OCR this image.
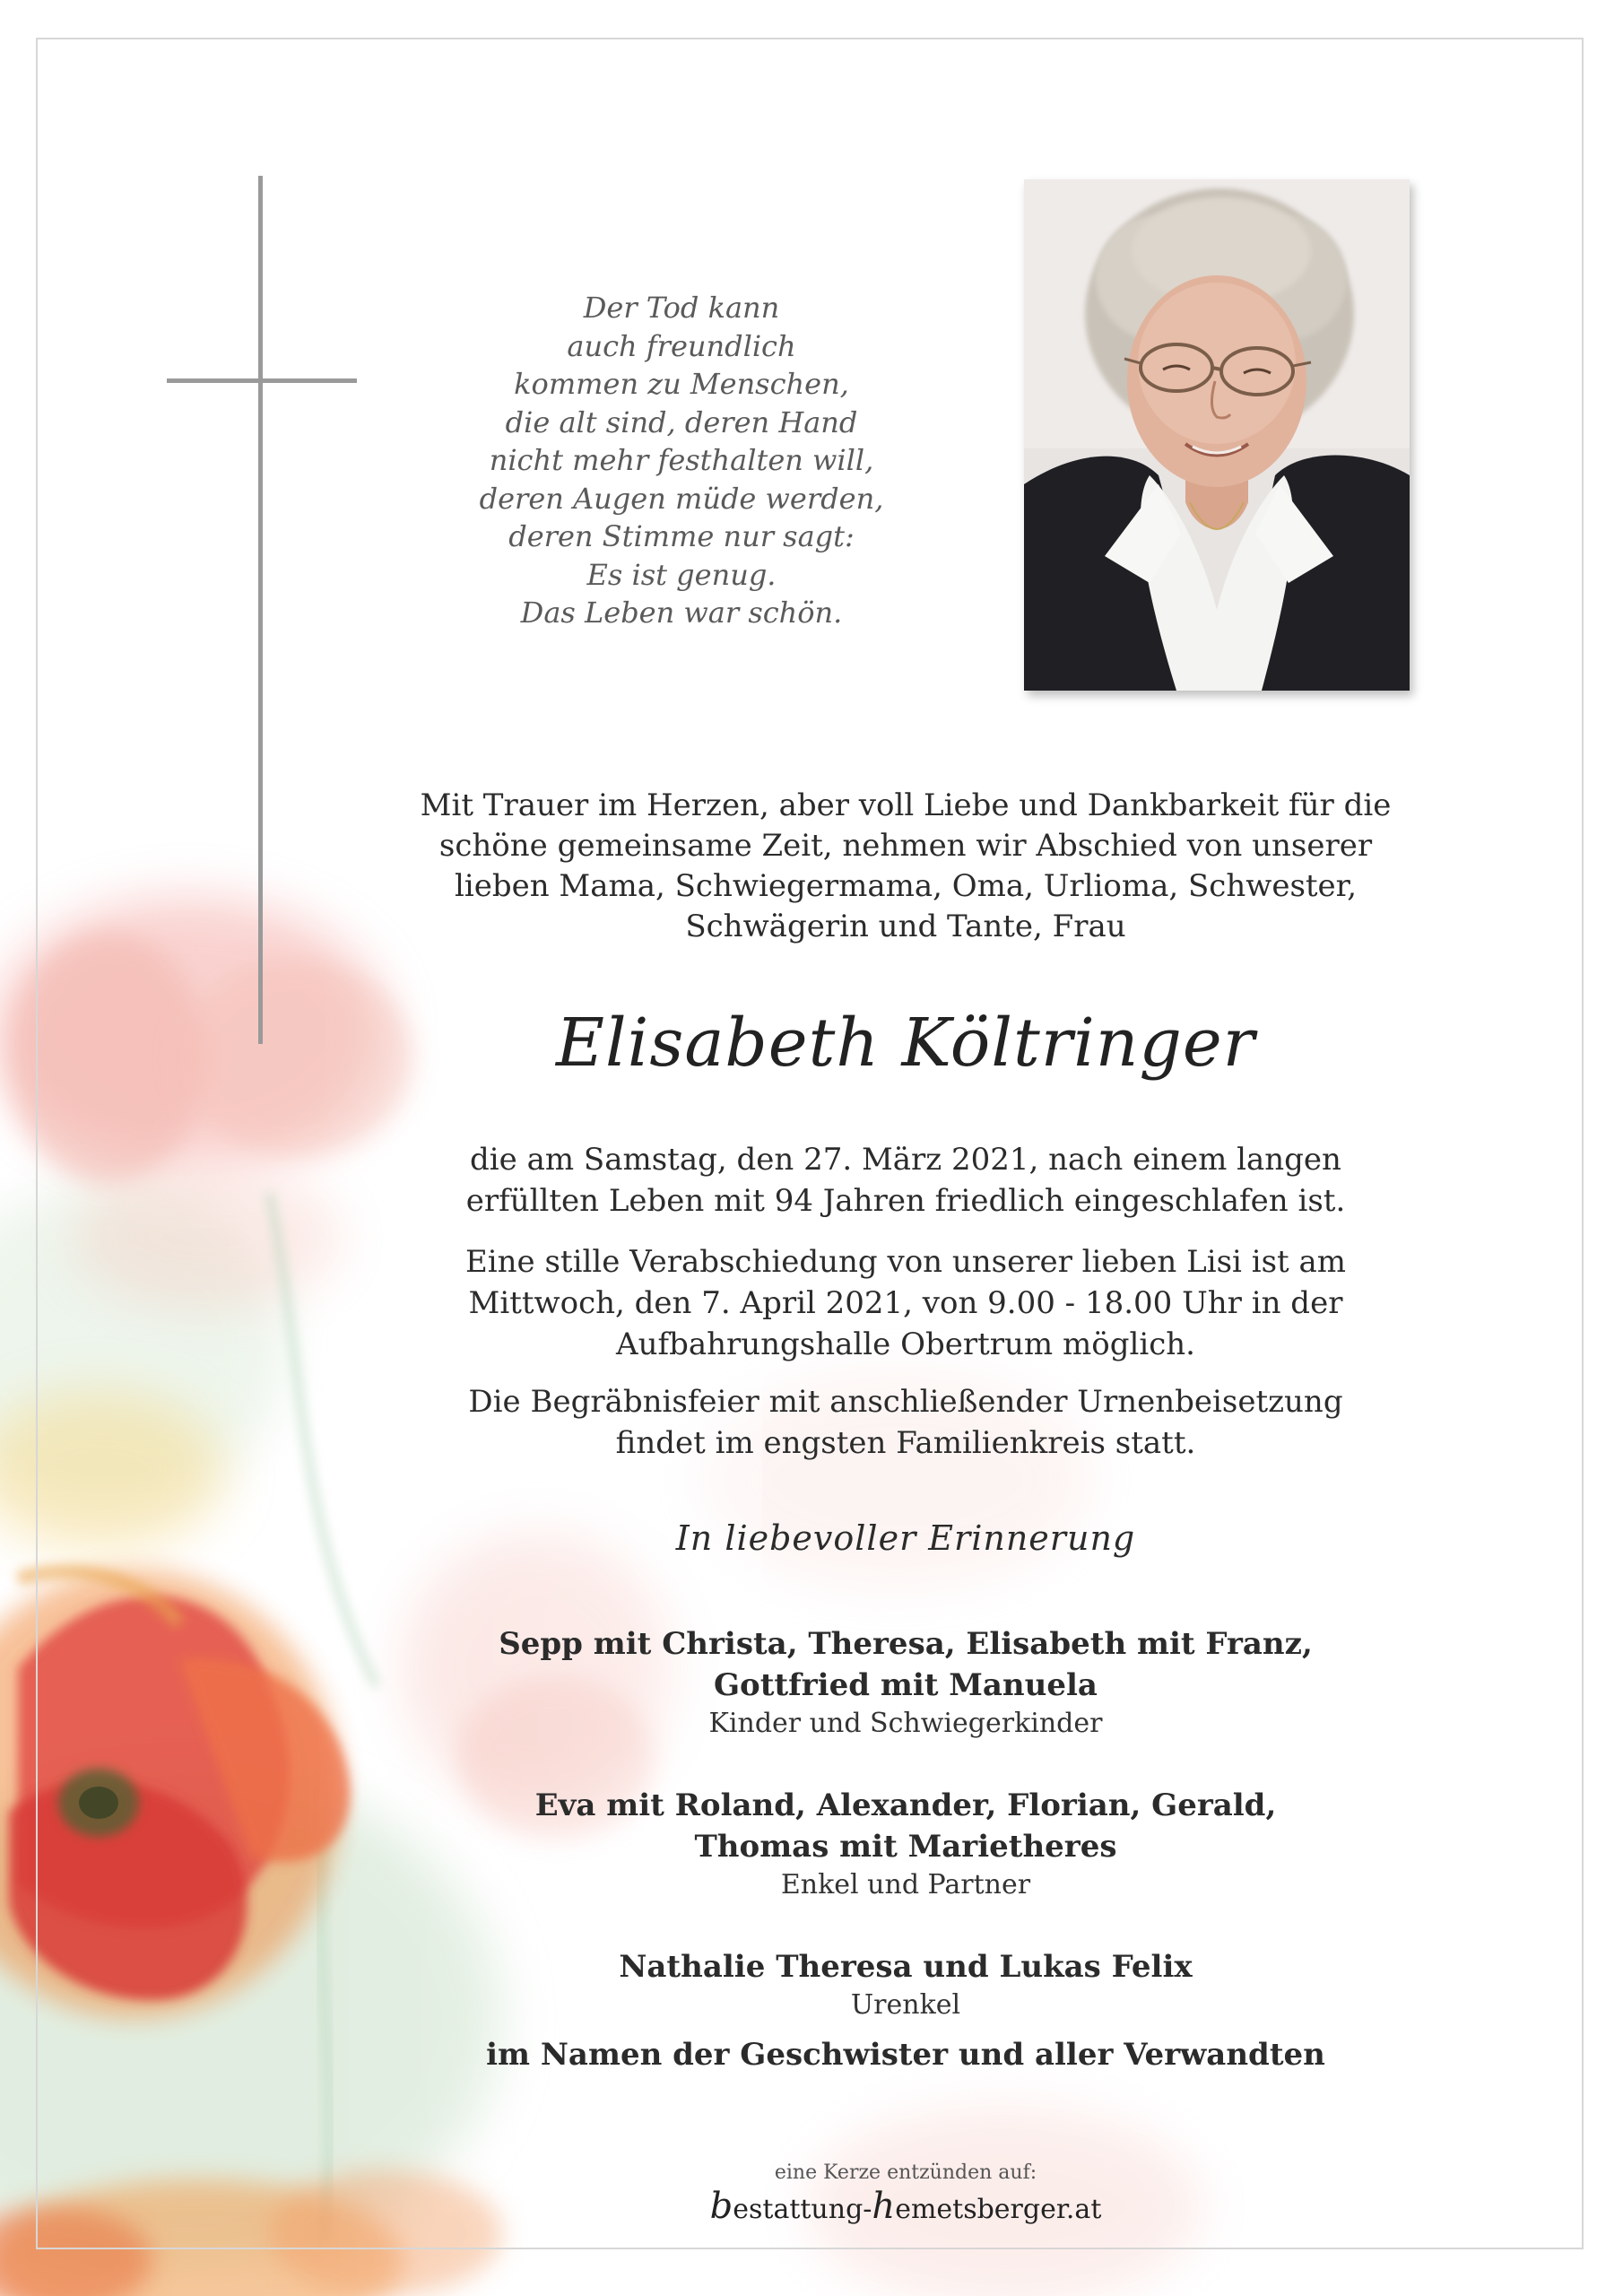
Der Tod kann
auch freundlich
kommen zu Menschen,
die alt sind, deren Hand
nicht mehr festhalten will,
deren Augen müde werden,
deren Stimme nur sagt:
Es ist genug.
Das Leben war schön.
Mit Trauer im Herzen, aber voll Liebe und Dankbarkeit für die
schöne gemeinsame Zeit, nehmen wir Abschied von unserer
lieben Mama, Schwiegermama, Oma, Urlioma, Schwester,
Schwägerin und Tante, Frau
Elisabeth Költringer
die am Samstag, den 27. März 2021, nach einem langen
erfüllten Leben mit 94 Jahren friedlich eingeschlafen ist.
Eine stille Verabschiedung von unserer lieben Lisi ist am
Mittwoch, den 7. April 2021, von 9.00 - 18.00 Uhr in der
Aufbahrungshalle Obertrum möglich.
Die Begräbnisfeier mit anschließender Urnenbeisetzung
findet im engsten Familienkreis statt.
In liebevoller Erinnerung
Sepp mit Christa, Theresa, Elisabeth mit Franz,
Gottfried mit Manuela
Kinder und Schwiegerkinder
Eva mit Roland, Alexander, Florian, Gerald,
Thomas mit Marietheres
Enkel und Partner
Nathalie Theresa und Lukas Felix
Urenkel
im Namen der Geschwister und aller Verwandten
eine Kerze entzünden auf:
bestattung-hemetsberger.at
